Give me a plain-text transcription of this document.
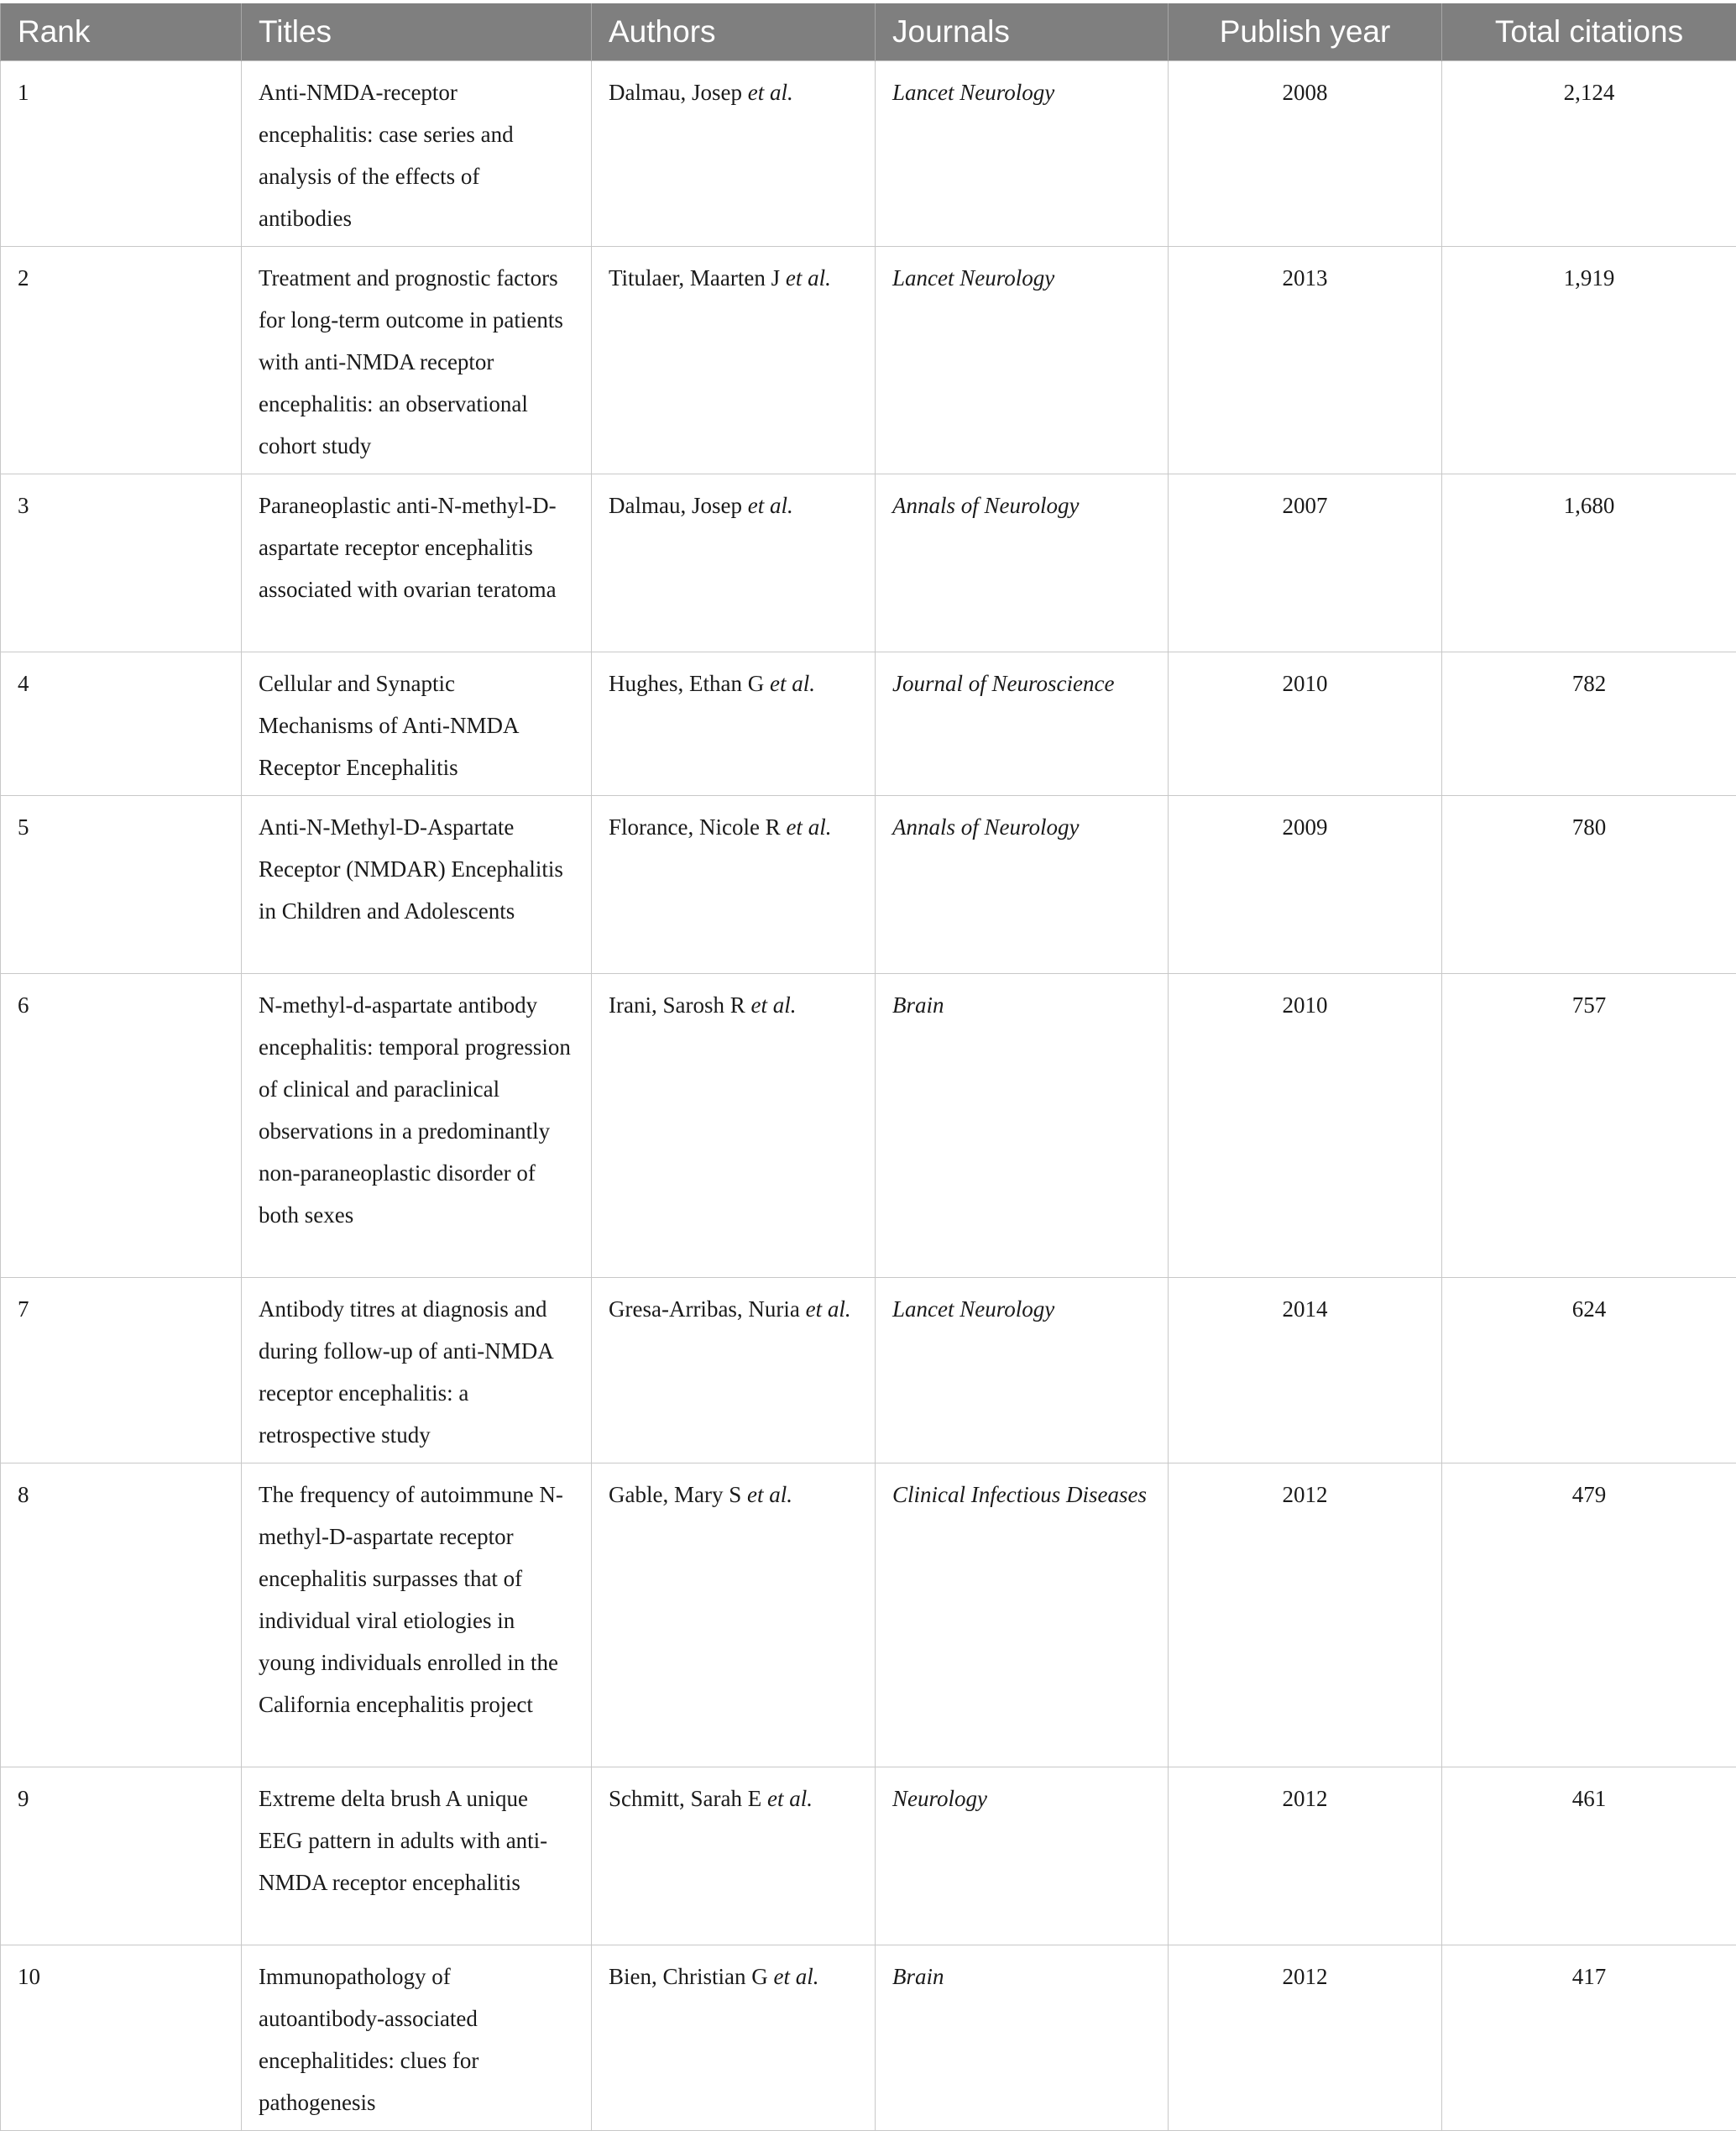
Rank	Titles	Authors	Journals	Publish year	Total citations
1	Anti-NMDA-receptor encephalitis: case series and analysis of the effects of antibodies	Dalmau, Josep et al.	Lancet Neurology	2008	2,124
2	Treatment and prognostic factors for long-term outcome in patients with anti-NMDA receptor encephalitis: an observational cohort study	Titulaer, Maarten J et al.	Lancet Neurology	2013	1,919
3	Paraneoplastic anti-N-methyl-D-aspartate receptor encephalitis associated with ovarian teratoma	Dalmau, Josep et al.	Annals of Neurology	2007	1,680
4	Cellular and Synaptic Mechanisms of Anti-NMDA Receptor Encephalitis	Hughes, Ethan G et al.	Journal of Neuroscience	2010	782
5	Anti-N-Methyl-D-Aspartate Receptor (NMDAR) Encephalitis in Children and Adolescents	Florance, Nicole R et al.	Annals of Neurology	2009	780
6	N-methyl-d-aspartate antibody encephalitis: temporal progression of clinical and paraclinical observations in a predominantly non-paraneoplastic disorder of both sexes	Irani, Sarosh R et al.	Brain	2010	757
7	Antibody titres at diagnosis and during follow-up of anti-NMDA receptor encephalitis: a retrospective study	Gresa-Arribas, Nuria et al.	Lancet Neurology	2014	624
8	The frequency of autoimmune N-methyl-D-aspartate receptor encephalitis surpasses that of individual viral etiologies in young individuals enrolled in the California encephalitis project	Gable, Mary S et al.	Clinical Infectious Diseases	2012	479
9	Extreme delta brush A unique EEG pattern in adults with anti-NMDA receptor encephalitis	Schmitt, Sarah E et al.	Neurology	2012	461
10	Immunopathology of autoantibody-associated encephalitides: clues for pathogenesis	Bien, Christian G et al.	Brain	2012	417
